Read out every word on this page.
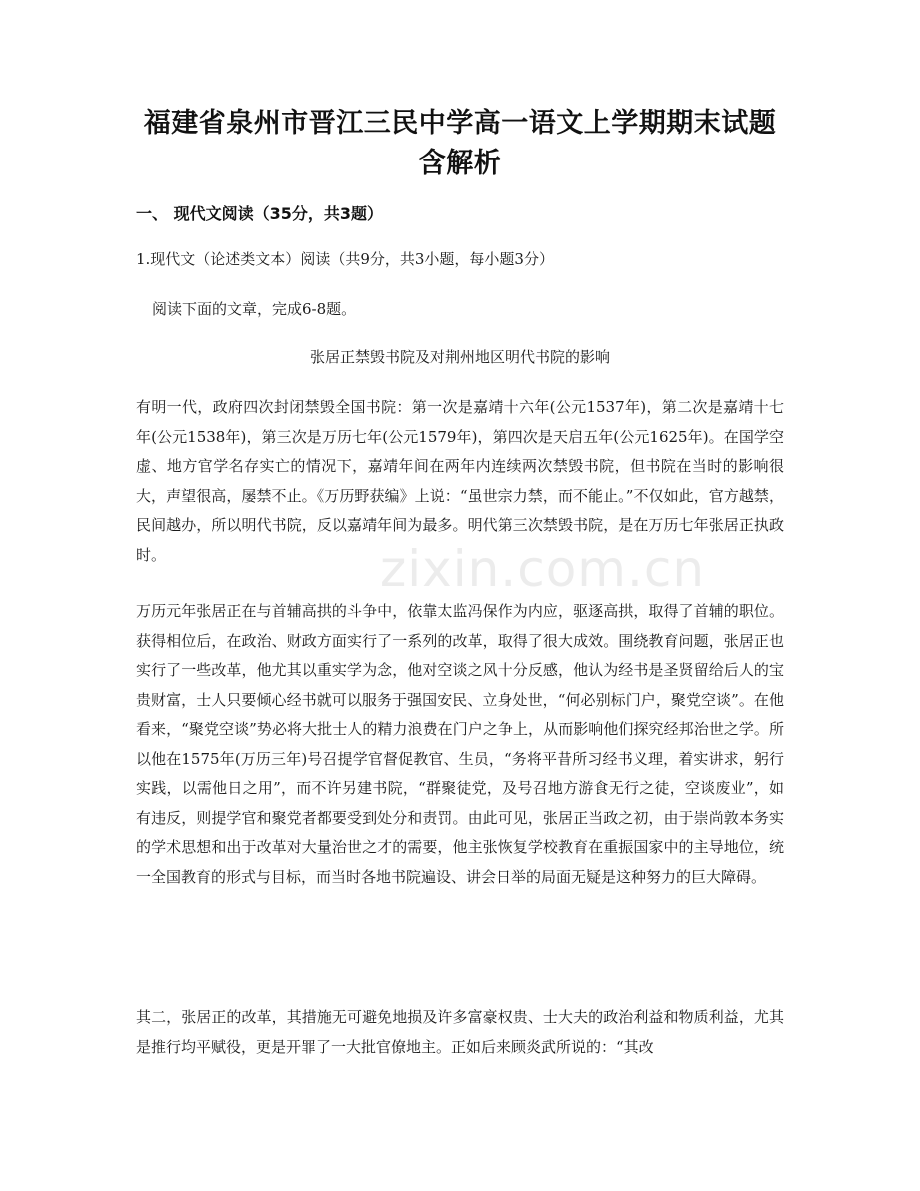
福建省泉州市晋江三民中学高一语文上学期期末试题
含解析
一、 现代文阅读（35分，共3题）
1.现代文（论述类文本）阅读（共9分，共3小题，每小题3分）
阅读下面的文章，完成6-8题。
张居正禁毁书院及对荆州地区明代书院的影响
有明一代，政府四次封闭禁毁全国书院：第一次是嘉靖十六年(公元1537年)，第二次是嘉靖十七年(公元1538年)，第三次是万历七年(公元1579年)，第四次是天启五年(公元1625年)。在国学空虚、地方官学名存实亡的情况下，嘉靖年间在两年内连续两次禁毁书院，但书院在当时的影响很大，声望很高，屡禁不止。《万历野获编》上说：“虽世宗力禁，而不能止。”不仅如此，官方越禁，民间越办，所以明代书院，反以嘉靖年间为最多。明代第三次禁毁书院，是在万历七年张居正执政时。
万历元年张居正在与首辅高拱的斗争中，依靠太监冯保作为内应，驱逐高拱，取得了首辅的职位。获得相位后，在政治、财政方面实行了一系列的改革，取得了很大成效。围绕教育问题，张居正也实行了一些改革，他尤其以重实学为念，他对空谈之风十分反感，他认为经书是圣贤留给后人的宝贵财富，士人只要倾心经书就可以服务于强国安民、立身处世，“何必别标门户，聚党空谈”。在他看来，“聚党空谈”势必将大批士人的精力浪费在门户之争上，从而影响他们探究经邦治世之学。所以他在1575年(万历三年)号召提学官督促教官、生员，“务将平昔所习经书义理，着实讲求，躬行实践，以需他日之用”，而不许另建书院，“群聚徒党，及号召地方游食无行之徒，空谈废业”，如有违反，则提学官和聚党者都要受到处分和责罚。由此可见，张居正当政之初，由于崇尚敦本务实的学术思想和出于改革对大量治世之才的需要，他主张恢复学校教育在重振国家中的主导地位，统一全国教育的形式与目标，而当时各地书院遍设、讲会日举的局面无疑是这种努力的巨大障碍。
其二，张居正的改革，其措施无可避免地损及许多富豪权贵、士大夫的政治利益和物质利益，尤其是推行均平赋役，更是开罪了一大批官僚地主。正如后来顾炎武所说的：“其改
zixin.com.cn
